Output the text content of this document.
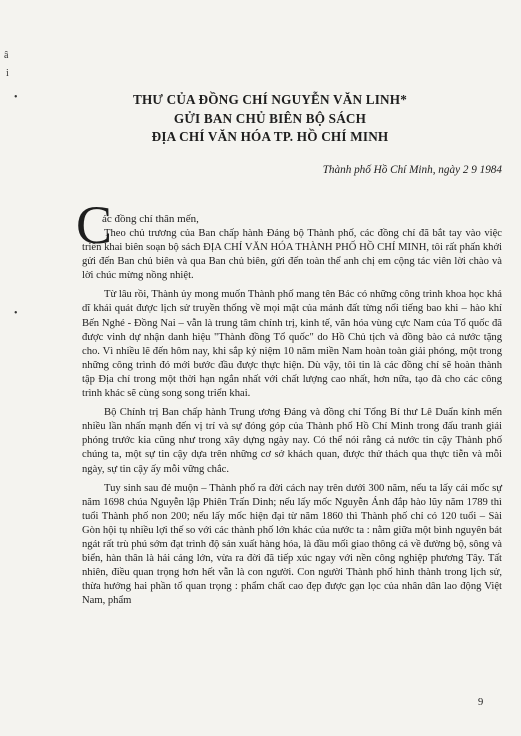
â
i
•
•
THƯ CỦA ĐỒNG CHÍ NGUYỄN VĂN LINH*
GỬI BAN CHỦ BIÊN BỘ SÁCH
ĐỊA CHÍ VĂN HÓA TP. HỒ CHÍ MINH
Thành phố Hồ Chí Minh, ngày 2 9 1984
C
ác đồng chí thân mến,

Theo chủ trương của Ban chấp hành Đảng bộ Thành phố, các đồng chí đã bắt tay vào việc triển khai biên soạn bộ sách ĐỊA CHÍ VĂN HÓA THÀNH PHỐ HỒ CHÍ MINH, tôi rất phấn khởi gửi đến Ban chủ biên và qua Ban chủ biên, gửi đến toàn thể anh chị em cộng tác viên lời chào và lời chúc mừng nồng nhiệt.

Từ lâu rồi, Thành ủy mong muốn Thành phố mang tên Bác có những công trình khoa học khả dĩ khái quát được lịch sử truyền thống về mọi mặt của mảnh đất từng nổi tiếng bao khi – hào khí Bến Nghé - Đồng Nai – vẫn là trung tâm chính trị, kinh tế, văn hóa vùng cực Nam của Tổ quốc đã được vinh dự nhận danh hiệu "Thành đồng Tổ quốc" do Hồ Chủ tịch và đồng bào cả nước tặng cho. Vì nhiều lẽ đến hôm nay, khi sắp kỷ niệm 10 năm miền Nam hoàn toàn giải phóng, một trong những công trình đó mới bước đầu được thực hiện. Dù vậy, tôi tin là các đồng chí sẽ hoàn thành tập Địa chí trong một thời hạn ngắn nhất với chất lượng cao nhất, hơn nữa, tạo đà cho các công trình khác sẽ cùng song song triển khai.

Bộ Chính trị Ban chấp hành Trung ương Đảng và đồng chí Tổng Bí thư Lê Duẩn kính mến nhiều lần nhấn mạnh đến vị trí và sự đóng góp của Thành phố Hồ Chí Minh trong đấu tranh giải phóng trước kia cũng như trong xây dựng ngày nay. Có thể nói rằng cả nước tin cậy Thành phố chúng ta, một sự tin cậy dựa trên những cơ sở khách quan, được thử thách qua thực tiễn và mỗi ngày, sự tin cậy ấy mỗi vững chắc.

Tuy sinh sau đẻ muộn – Thành phố ra đời cách nay trên dưới 300 năm, nếu ta lấy cái mốc sự năm 1698 chúa Nguyễn lập Phiên Trấn Dinh; nếu lấy mốc Nguyễn Ánh đắp hào lũy năm 1789 thì tuổi Thành phố non 200; nếu lấy mốc hiện đại từ năm 1860 thì Thành phố chỉ có 120 tuổi – Sài Gòn hội tụ nhiều lợi thế so với các thành phố lớn khác của nước ta : nằm giữa một bình nguyên bát ngát rất trù phú sớm đạt trình độ sản xuất hàng hóa, là đầu mối giao thông cả về đường bộ, sông và biển, hàn thân là hải cảng lớn, vừa ra đời đã tiếp xúc ngay với nền công nghiệp phương Tây. Tất nhiên, điều quan trọng hơn hết vẫn là con người. Con người Thành phố hình thành trong lịch sử, thừa hưởng hai phần tố quan trọng : phẩm chất cao đẹp được gạn lọc của nhân dân lao động Việt Nam, phẩm

9
